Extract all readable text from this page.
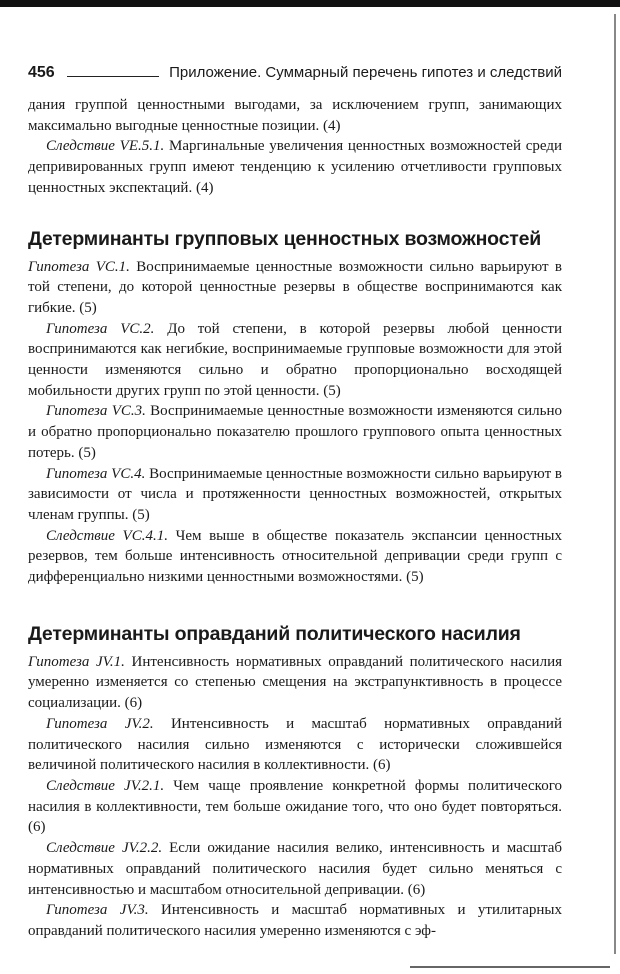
456	Приложение. Суммарный перечень гипотез и следствий

дания группой ценностными выгодами, за исключением групп, занимающих максимально выгодные ценностные позиции. (4)

Следствие VE.5.1. Маргинальные увеличения ценностных возможностей среди депривированных групп имеют тенденцию к усилению отчетливости групповых ценностных экспектаций. (4)

Детерминанты групповых ценностных возможностей

Гипотеза VC.1. Воспринимаемые ценностные возможности сильно варьируют в той степени, до которой ценностные резервы в обществе воспринимаются как гибкие. (5)

Гипотеза VC.2. До той степени, в которой резервы любой ценности воспринимаются как негибкие, воспринимаемые групповые возможности для этой ценности изменяются сильно и обратно пропорционально восходящей мобильности других групп по этой ценности. (5)

Гипотеза VC.3. Воспринимаемые ценностные возможности изменяются сильно и обратно пропорционально показателю прошлого группового опыта ценностных потерь. (5)

Гипотеза VC.4. Воспринимаемые ценностные возможности сильно варьируют в зависимости от числа и протяженности ценностных возможностей, открытых членам группы. (5)

Следствие VC.4.1. Чем выше в обществе показатель экспансии ценностных резервов, тем больше интенсивность относительной депривации среди групп с дифференциально низкими ценностными возможностями. (5)

Детерминанты оправданий политического насилия

Гипотеза JV.1. Интенсивность нормативных оправданий политического насилия умеренно изменяется со степенью смещения на экстрапунктивность в процессе социализации. (6)

Гипотеза JV.2. Интенсивность и масштаб нормативных оправданий политического насилия сильно изменяются с исторически сложившейся величиной политического насилия в коллективности. (6)

Следствие JV.2.1. Чем чаще проявление конкретной формы политического насилия в коллективности, тем больше ожидание того, что оно будет повторяться. (6)

Следствие JV.2.2. Если ожидание насилия велико, интенсивность и масштаб нормативных оправданий политического насилия будет сильно меняться с интенсивностью и масштабом относительной депривации. (6)

Гипотеза JV.3. Интенсивность и масштаб нормативных и утилитарных оправданий политического насилия умеренно изменяются с эф-
